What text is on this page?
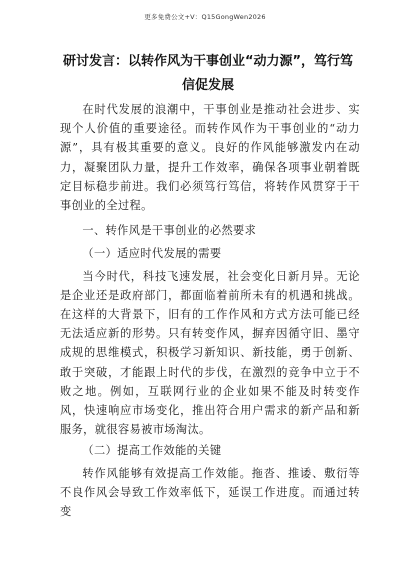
更多免费公文+V：Q15GongWen2026
研讨发言：以转作风为干事创业“动力源”，笃行笃信促发展

在时代发展的浪潮中，干事创业是推动社会进步、实现个人价值的重要途径。而转作风作为干事创业的“动力源”，具有极其重要的意义。良好的作风能够激发内在动力，凝聚团队力量，提升工作效率，确保各项事业朝着既定目标稳步前进。我们必须笃行笃信，将转作风贯穿于干事创业的全过程。

一、转作风是干事创业的必然要求

（一）适应时代发展的需要

当今时代，科技飞速发展，社会变化日新月异。无论是企业还是政府部门，都面临着前所未有的机遇和挑战。在这样的大背景下，旧有的工作作风和方式方法可能已经无法适应新的形势。只有转变作风，摒弃因循守旧、墨守成规的思维模式，积极学习新知识、新技能，勇于创新、敢于突破，才能跟上时代的步伐，在激烈的竞争中立于不败之地。例如，互联网行业的企业如果不能及时转变作风，快速响应市场变化，推出符合用户需求的新产品和新服务，就很容易被市场淘汰。

（二）提高工作效能的关键

转作风能够有效提高工作效能。拖沓、推诿、敷衍等不良作风会导致工作效率低下，延误工作进度。而通过转变
